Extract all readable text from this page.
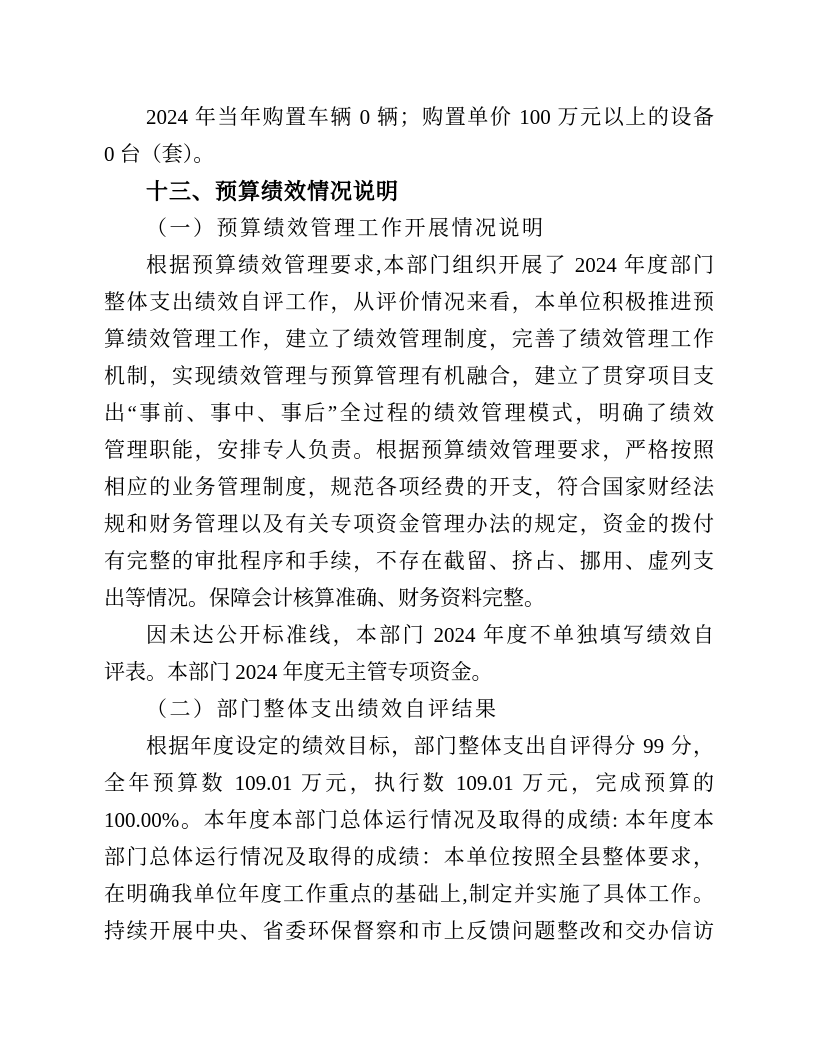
2024 年当年购置车辆 0 辆；购置单价 100 万元以上的设备
0 台（套）。
十三、预算绩效情况说明
（一）预算绩效管理工作开展情况说明
根据预算绩效管理要求,本部门组织开展了 2024 年度部门
整体支出绩效自评工作，从评价情况来看，本单位积极推进预
算绩效管理工作，建立了绩效管理制度，完善了绩效管理工作
机制，实现绩效管理与预算管理有机融合，建立了贯穿项目支
出“事前、事中、事后”全过程的绩效管理模式，明确了绩效
管理职能，安排专人负责。根据预算绩效管理要求，严格按照
相应的业务管理制度，规范各项经费的开支，符合国家财经法
规和财务管理以及有关专项资金管理办法的规定，资金的拨付
有完整的审批程序和手续，不存在截留、挤占、挪用、虚列支
出等情况。保障会计核算准确、财务资料完整。
因未达公开标准线，本部门 2024 年度不单独填写绩效自
评表。本部门 2024 年度无主管专项资金。
（二）部门整体支出绩效自评结果
根据年度设定的绩效目标，部门整体支出自评得分 99 分，
全年预算数 109.01 万元，执行数 109.01 万元，完成预算的
100.00%。本年度本部门总体运行情况及取得的成绩: 本年度本
部门总体运行情况及取得的成绩：本单位按照全县整体要求，
在明确我单位年度工作重点的基础上,制定并实施了具体工作。
持续开展中央、省委环保督察和市上反馈问题整改和交办信访
